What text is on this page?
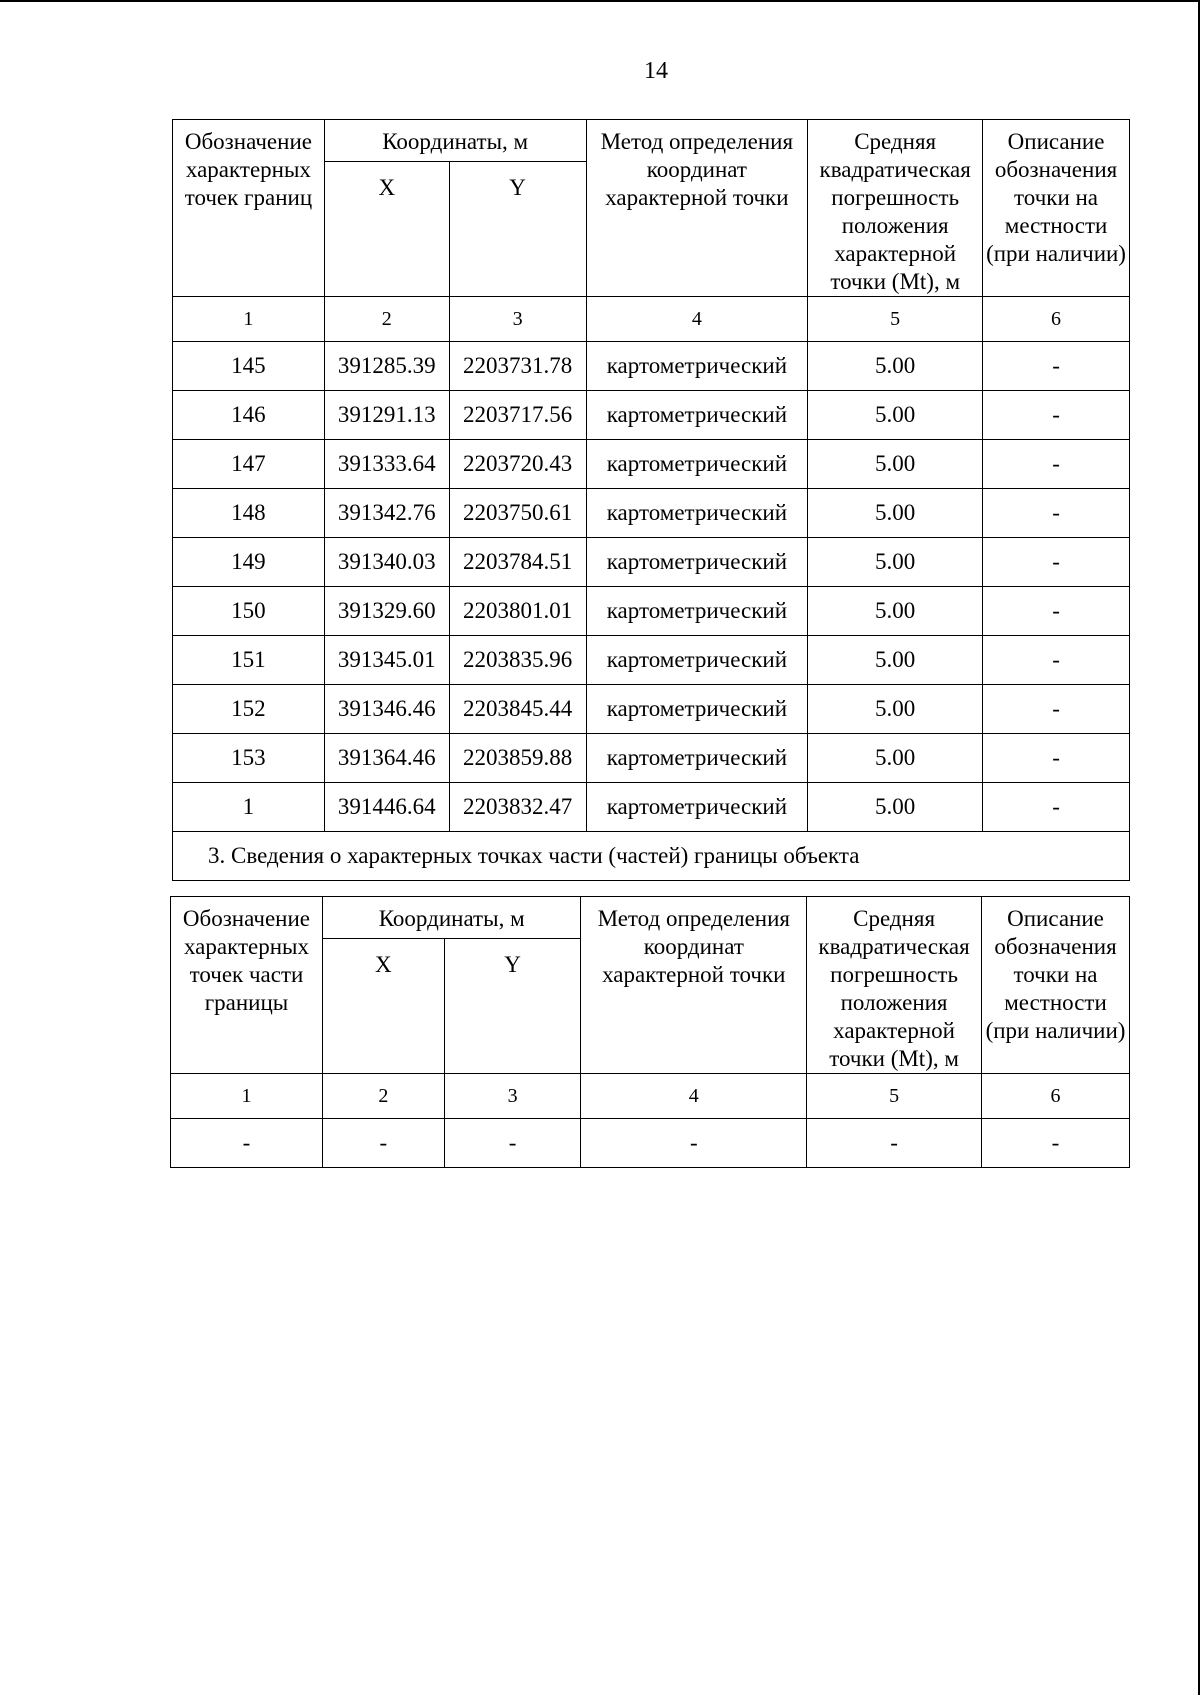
14
Обозначение характерных точек границ	Координаты, м		Метод определения координат характерной точки	Средняя квадратическая погрешность положения характерной точки (Mt), м	Описание обозначения точки на местности (при наличии)
	X	Y			
1	2	3	4	5	6
145	391285.39	2203731.78	картометрический	5.00	-
146	391291.13	2203717.56	картометрический	5.00	-
147	391333.64	2203720.43	картометрический	5.00	-
148	391342.76	2203750.61	картометрический	5.00	-
149	391340.03	2203784.51	картометрический	5.00	-
150	391329.60	2203801.01	картометрический	5.00	-
151	391345.01	2203835.96	картометрический	5.00	-
152	391346.46	2203845.44	картометрический	5.00	-
153	391364.46	2203859.88	картометрический	5.00	-
1	391446.64	2203832.47	картометрический	5.00	-
3. Сведения о характерных точках части (частей) границы объекта					
Обозначение характерных точек части границы	Координаты, м		Метод определения координат характерной точки	Средняя квадратическая погрешность положения характерной точки (Mt), м	Описание обозначения точки на местности (при наличии)
	X	Y			
1	2	3	4	5	6
-	-	-	-	-	-
